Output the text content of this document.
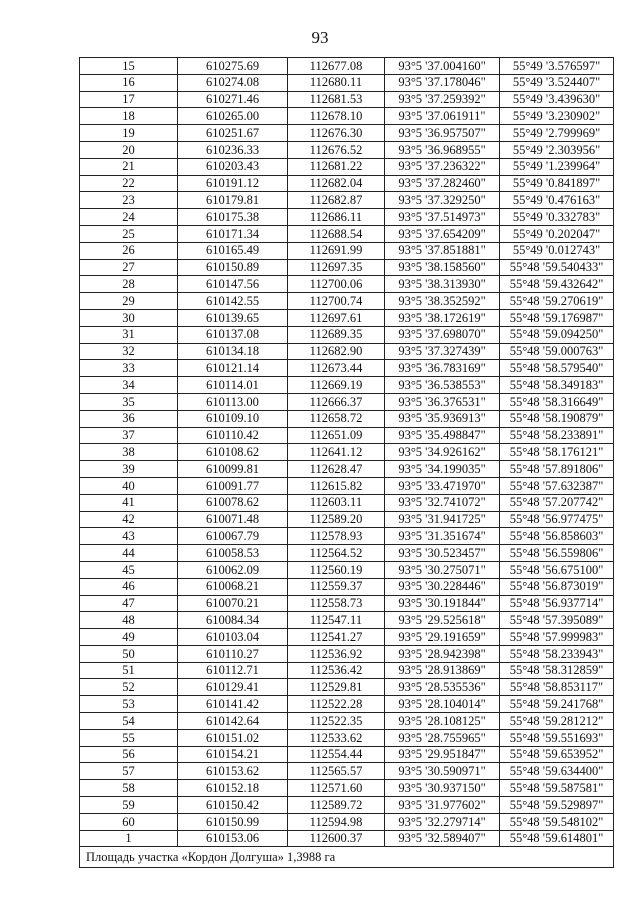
93
15	610275.69	112677.08	93°5 '37.004160"	55°49 '3.576597"
16	610274.08	112680.11	93°5 '37.178046"	55°49 '3.524407"
17	610271.46	112681.53	93°5 '37.259392"	55°49 '3.439630"
18	610265.00	112678.10	93°5 '37.061911"	55°49 '3.230902"
19	610251.67	112676.30	93°5 '36.957507"	55°49 '2.799969"
20	610236.33	112676.52	93°5 '36.968955"	55°49 '2.303956"
21	610203.43	112681.22	93°5 '37.236322"	55°49 '1.239964"
22	610191.12	112682.04	93°5 '37.282460"	55°49 '0.841897"
23	610179.81	112682.87	93°5 '37.329250"	55°49 '0.476163"
24	610175.38	112686.11	93°5 '37.514973"	55°49 '0.332783"
25	610171.34	112688.54	93°5 '37.654209"	55°49 '0.202047"
26	610165.49	112691.99	93°5 '37.851881"	55°49 '0.012743"
27	610150.89	112697.35	93°5 '38.158560"	55°48 '59.540433"
28	610147.56	112700.06	93°5 '38.313930"	55°48 '59.432642"
29	610142.55	112700.74	93°5 '38.352592"	55°48 '59.270619"
30	610139.65	112697.61	93°5 '38.172619"	55°48 '59.176987"
31	610137.08	112689.35	93°5 '37.698070"	55°48 '59.094250"
32	610134.18	112682.90	93°5 '37.327439"	55°48 '59.000763"
33	610121.14	112673.44	93°5 '36.783169"	55°48 '58.579540"
34	610114.01	112669.19	93°5 '36.538553"	55°48 '58.349183"
35	610113.00	112666.37	93°5 '36.376531"	55°48 '58.316649"
36	610109.10	112658.72	93°5 '35.936913"	55°48 '58.190879"
37	610110.42	112651.09	93°5 '35.498847"	55°48 '58.233891"
38	610108.62	112641.12	93°5 '34.926162"	55°48 '58.176121"
39	610099.81	112628.47	93°5 '34.199035"	55°48 '57.891806"
40	610091.77	112615.82	93°5 '33.471970"	55°48 '57.632387"
41	610078.62	112603.11	93°5 '32.741072"	55°48 '57.207742"
42	610071.48	112589.20	93°5 '31.941725"	55°48 '56.977475"
43	610067.79	112578.93	93°5 '31.351674"	55°48 '56.858603"
44	610058.53	112564.52	93°5 '30.523457"	55°48 '56.559806"
45	610062.09	112560.19	93°5 '30.275071"	55°48 '56.675100"
46	610068.21	112559.37	93°5 '30.228446"	55°48 '56.873019"
47	610070.21	112558.73	93°5 '30.191844"	55°48 '56.937714"
48	610084.34	112547.11	93°5 '29.525618"	55°48 '57.395089"
49	610103.04	112541.27	93°5 '29.191659"	55°48 '57.999983"
50	610110.27	112536.92	93°5 '28.942398"	55°48 '58.233943"
51	610112.71	112536.42	93°5 '28.913869"	55°48 '58.312859"
52	610129.41	112529.81	93°5 '28.535536"	55°48 '58.853117"
53	610141.42	112522.28	93°5 '28.104014"	55°48 '59.241768"
54	610142.64	112522.35	93°5 '28.108125"	55°48 '59.281212"
55	610151.02	112533.62	93°5 '28.755965"	55°48 '59.551693"
56	610154.21	112554.44	93°5 '29.951847"	55°48 '59.653952"
57	610153.62	112565.57	93°5 '30.590971"	55°48 '59.634400"
58	610152.18	112571.60	93°5 '30.937150"	55°48 '59.587581"
59	610150.42	112589.72	93°5 '31.977602"	55°48 '59.529897"
60	610150.99	112594.98	93°5 '32.279714"	55°48 '59.548102"
1	610153.06	112600.37	93°5 '32.589407"	55°48 '59.614801"
Площадь участка «Кордон Долгуша» 1,3988 га				
